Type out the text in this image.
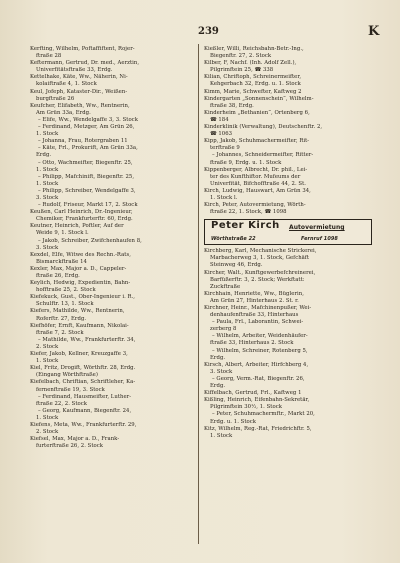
239	K
Kerfting, Wilhelm, Poftaffiftent, Rojer-
ftraße 28
Keftermann, Gertrud, Dr. med., Aerztin,
Univerfitätsftraße 33, Erdg.
Kettelhake, Käte, Ww., Näherin, Ni-
kolaiftraße 4, 1. Stock
Keul, Jofeph, Kataster-Dir., Weißen-
burgftraße 26
Keufcher, Elifabeth, Ww., Rentnerin,
Am Grün 33a, Erdg.
– Elife, Ww., Wendelgaffe 3, 3. Stock
– Ferdinand, Metzger, Am Grün 26,
1. Stock
– Johanna, Frau, Rotergraben 11
– Käte, Frl., Prokurift, Am Grün 33a,
Erdg.
– Otto, Wachmeifter, Biegenftr. 25,
1. Stock
– Philipp, Mafchinift, Biegenftr. 25,
1. Stock
– Philipp, Schreiber, Wendelgaffe 3,
3. Stock
– Rudolf, Friseur, Markt 17, 2. Stock
Keußen, Carl Heinrich, Dr.-Ingenieur,
Chemiker, Frankfurterftr. 60, Erdg.
Keutner, Heinrich, Poftler, Auf der
Weide 9, 1. Stock l.
– Jakob, Schreiber, Zwifchenhaufen 8,
3. Stock
Kexdel, Elfe, Witwe des Rechn.-Rats,
Bismarckftraße 14
Kexler, Max, Major a. D., Cappeler-
ftraße 26, Erdg.
Keylich, Hedwig, Expedientin, Bahn-
hofftraße 25, 2. Stock
Kiefekuck, Gust., Ober-Ingenieur i. R.,
Schulftr. 13, 1. Stock
Kiefers, Mathilde, Ww., Rentnerin,
Roferftr. 27, Erdg.
Kiefhöfer, Ernft, Kaufmann, Nikolai-
ftraße 7, 2. Stock
– Mathilde, Ww., Frankfurterftr. 34,
2. Stock
Kiefer, Jakob, Kellner, Kreuzgaffe 3,
1. Stock
Kiel, Fritz, Drogift, Wörthftr. 28, Erdg.
(Eingang Wörthftraße)
Kiefelbach, Chriftian, Schriftleher, Ka-
fernenftraße 19, 3. Stock
– Ferdinand, Hausmeifter, Luther-
ftraße 22, 2. Stock
– Georg, Kaufmann, Biegenftr. 24,
1. Stock
Kiefens, Meta, Ww., Frankfurterftr. 29,
2. Stock
Kiefsel, Max, Major a. D., Frank-
furterftraße 26, 2. Stock
Kießler, Willi, Reichsbahn-Betr.-Ing.,
Biegenftr. 27, 2. Stock
Kilber, F, Nachf. (Inh. Adolf Zell.),
Pilgrimftein 25, ☎ 338
Kilian, Chriftoph, Schreinermeifter,
Kehgerbach 32, Erdg. u. 1. Stock
Kimm, Marie, Schwefter, Kaftweg 2
Kindergarten „Sonnenschein“, Wilhelm-
ftraße 38, Erdg.
Kinderheim „Bethanien“, Ortenberg 6,
☎ 184
Kinderklinik (Verwaltung), Deutschenftr. 2,
☎ 1063
Kipp, Jakob, Schuhmachermeifter, Rit-
terftraße 9
– Johannes, Schneidermeifter, Ritter-
ftraße 9, Erdg. u. 1. Stock
Kippenberger, Albrecht, Dr. phil., Lei-
ter des Kunfthiftor. Mufeums der
Univerfität, Bifchofftraße 44, 2. St.
Kirch, Ludwig, Hauswart, Am Grün 34,
1. Stock l.
Kirch, Peter, Autovermietung, Wörth-
ftraße 22, 1. Stock, ☎ 1098
Peter Kirch Autovermietung
Wörthstraße 22	Fernruf 1098
Kirchberg, Karl, Mechanische Strickerei,
Marbacherweg 3, 1. Stock, Gefchäft
Steinweg 46, Erdg.
Kircher, Walt., Kunftgewerbefchreinerei,
Barfüßerftr. 3, 2. Stock; Werkftatt:
Zuckftraße
Kirchhain, Henriette, Ww., Büglerin,
Am Grün 27, Hinterhaus 2. St. r.
Kirchner, Heinr., Mafchinenpußer, Wei-
denhaufenftraße 33, Hinterhaus
– Paula, Frl., Laborantin, Schwei-
zerberg 8
– Wilhelm, Arbeiter, Weidenhäufer-
ftraße 33, Hinterhaus 2. Stock
– Wilhelm, Schreiner, Rotenberg 5,
Erdg.
Kirsch, Albert, Arbeiter, Hirfchberg 4,
3. Stock
– Georg, Verm.-Rat, Biegenftr. 26,
Erdg.
Kiffelbach, Gertrud, Frl., Kaftweg 1
Kißling, Heinrich, Eifenbahn-Sekretär,
Pilgrimftein 30½, 1. Stock
– Peter, Schuhmachermftr., Markt 20,
Erdg. u. 1. Stock
Kitz, Wilhelm, Reg.-Rat, Friedrichftr. 5,
1. Stock
